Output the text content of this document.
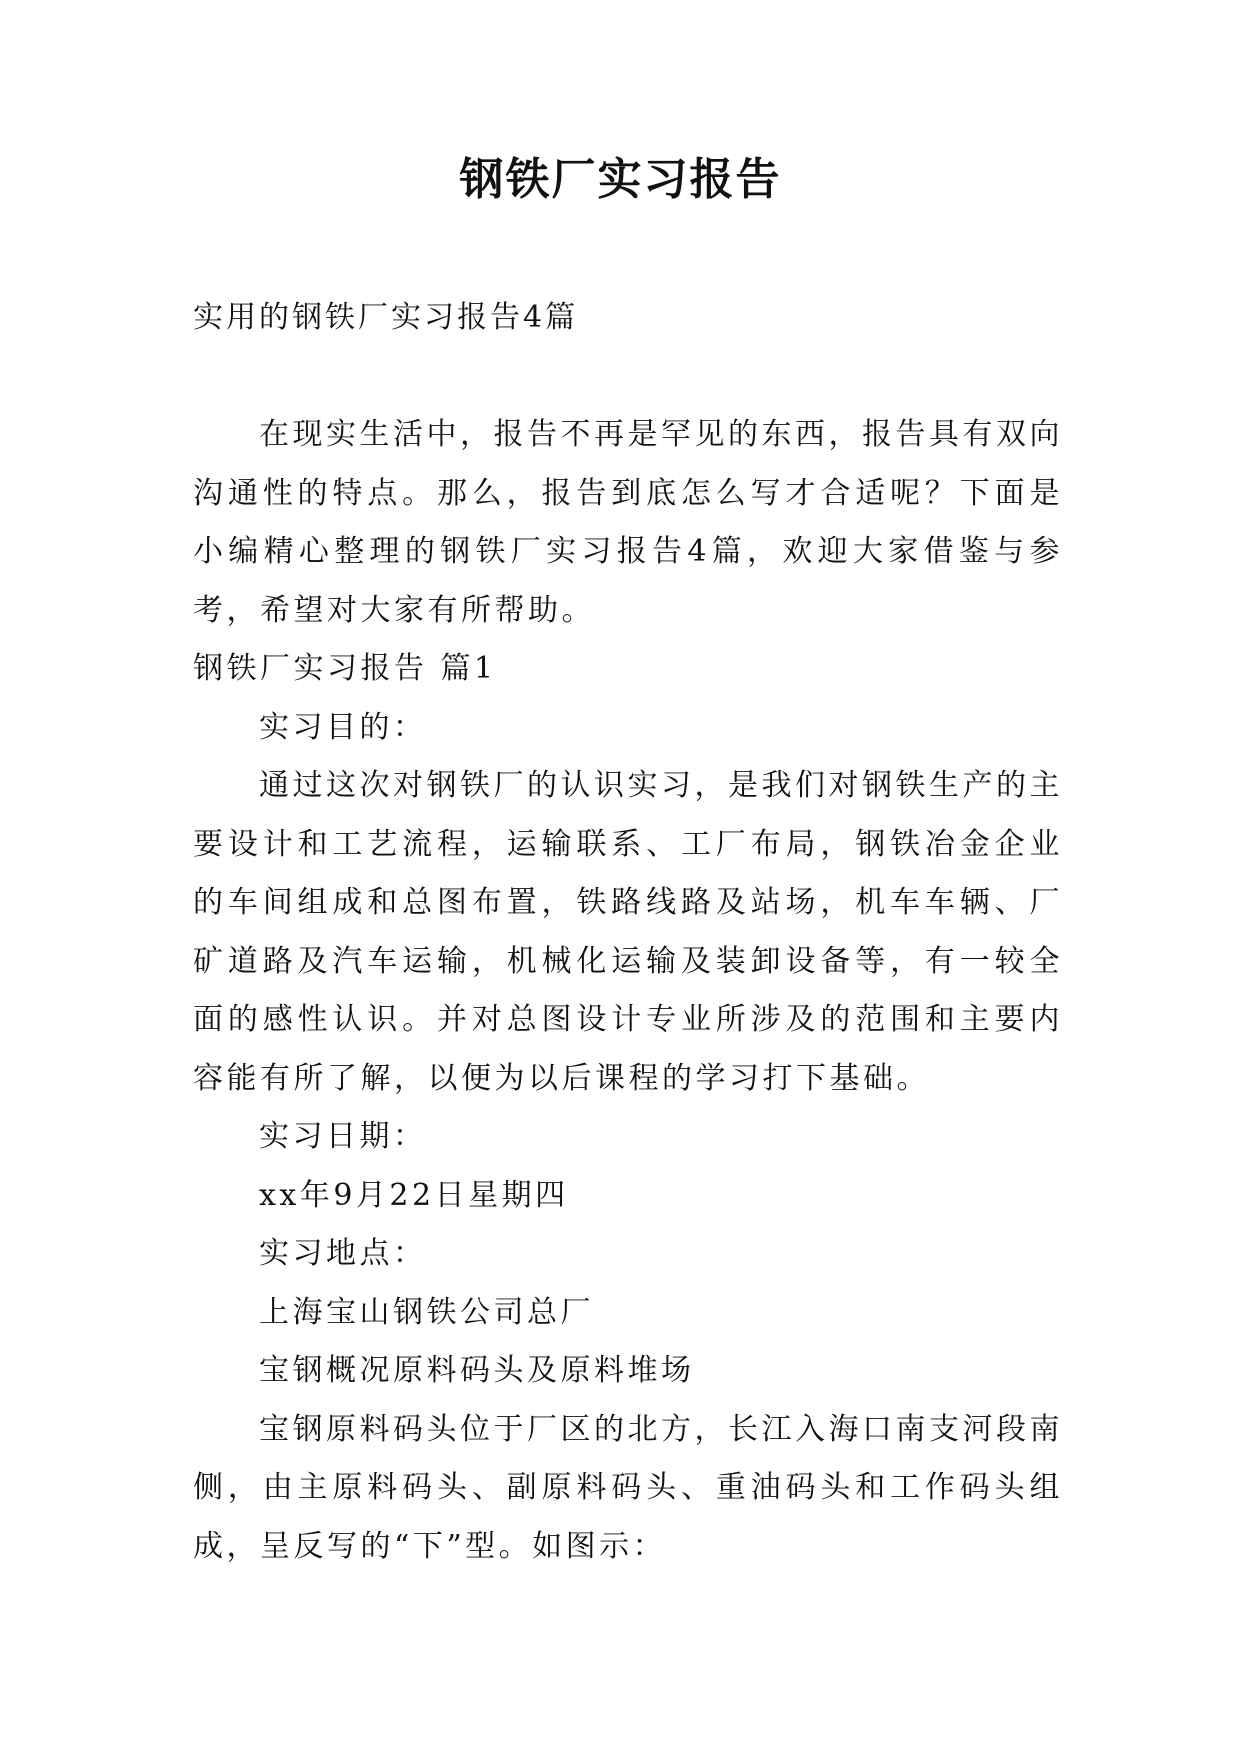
钢铁厂实习报告

实用的钢铁厂实习报告4篇

在现实生活中，报告不再是罕见的东西，报告具有双向沟通性的特点。那么，报告到底怎么写才合适呢？下面是小编精心整理的钢铁厂实习报告4篇，欢迎大家借鉴与参考，希望对大家有所帮助。

钢铁厂实习报告 篇1

实习目的：

通过这次对钢铁厂的认识实习，是我们对钢铁生产的主要设计和工艺流程，运输联系、工厂布局，钢铁冶金企业的车间组成和总图布置，铁路线路及站场，机车车辆、厂矿道路及汽车运输，机械化运输及装卸设备等，有一较全面的感性认识。并对总图设计专业所涉及的范围和主要内容能有所了解，以便为以后课程的学习打下基础。

实习日期：

xx年9月22日星期四

实习地点：

上海宝山钢铁公司总厂

宝钢概况原料码头及原料堆场

宝钢原料码头位于厂区的北方，长江入海口南支河段南侧，由主原料码头、副原料码头、重油码头和工作码头组成，呈反写的“下”型。如图示：
